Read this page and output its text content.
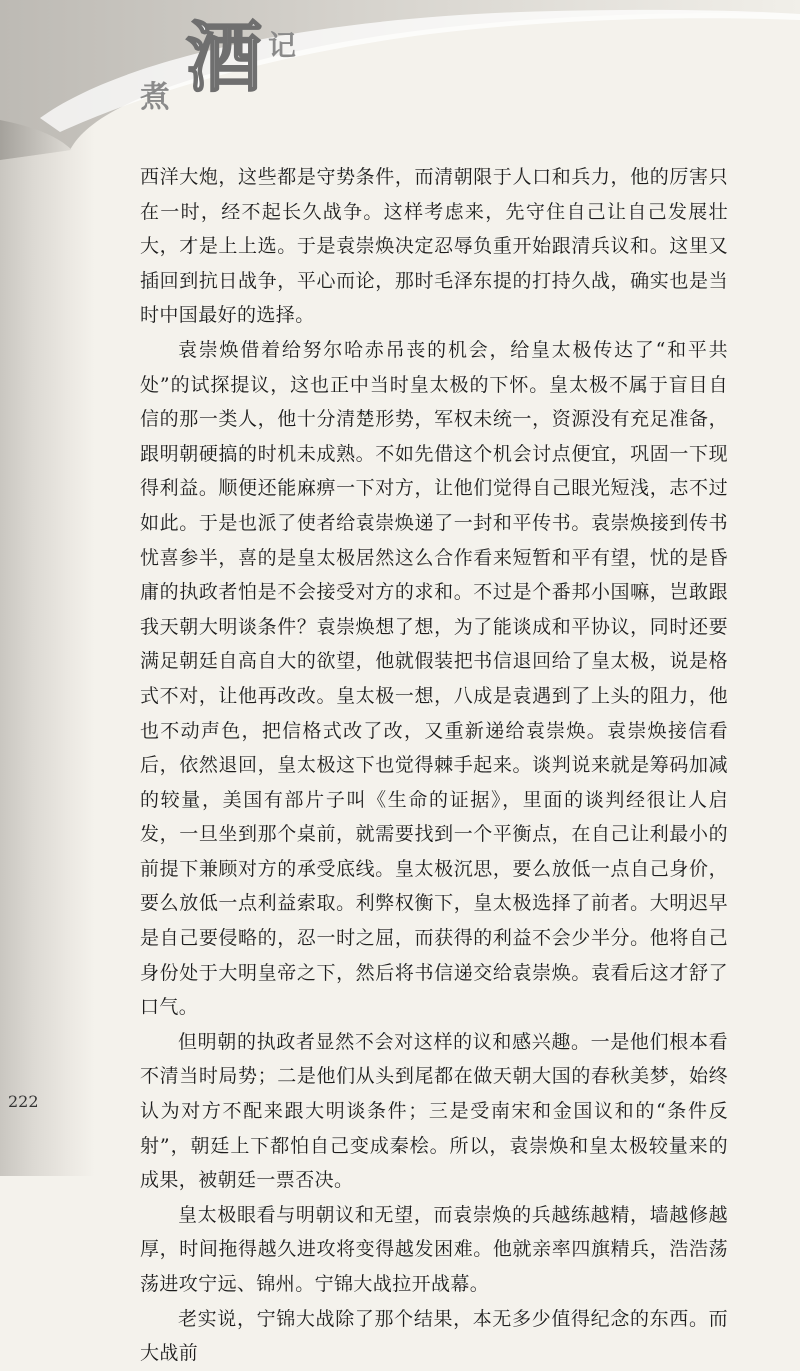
煮 酒 记

西洋大炮，这些都是守势条件，而清朝限于人口和兵力，他的厉害只在一时，经不起长久战争。这样考虑来，先守住自己让自己发展壮大，才是上上选。于是袁崇焕决定忍辱负重开始跟清兵议和。这里又插回到抗日战争，平心而论，那时毛泽东提的打持久战，确实也是当时中国最好的选择。

袁崇焕借着给努尔哈赤吊丧的机会，给皇太极传达了“和平共处”的试探提议，这也正中当时皇太极的下怀。皇太极不属于盲目自信的那一类人，他十分清楚形势，军权未统一，资源没有充足准备，跟明朝硬搞的时机未成熟。不如先借这个机会讨点便宜，巩固一下现得利益。顺便还能麻痹一下对方，让他们觉得自己眼光短浅，志不过如此。于是也派了使者给袁崇焕递了一封和平传书。袁崇焕接到传书忧喜参半，喜的是皇太极居然这么合作看来短暂和平有望，忧的是昏庸的执政者怕是不会接受对方的求和。不过是个番邦小国嘛，岂敢跟我天朝大明谈条件？袁崇焕想了想，为了能谈成和平协议，同时还要满足朝廷自高自大的欲望，他就假装把书信退回给了皇太极，说是格式不对，让他再改改。皇太极一想，八成是袁遇到了上头的阻力，他也不动声色，把信格式改了改，又重新递给袁崇焕。袁崇焕接信看后，依然退回，皇太极这下也觉得棘手起来。谈判说来就是筹码加减的较量，美国有部片子叫《生命的证据》，里面的谈判经很让人启发，一旦坐到那个桌前，就需要找到一个平衡点，在自己让利最小的前提下兼顾对方的承受底线。皇太极沉思，要么放低一点自己身价，要么放低一点利益索取。利弊权衡下，皇太极选择了前者。大明迟早是自己要侵略的，忍一时之屈，而获得的利益不会少半分。他将自己身份处于大明皇帝之下，然后将书信递交给袁崇焕。袁看后这才舒了口气。

但明朝的执政者显然不会对这样的议和感兴趣。一是他们根本看不清当时局势；二是他们从头到尾都在做天朝大国的春秋美梦，始终认为对方不配来跟大明谈条件；三是受南宋和金国议和的“条件反射”，朝廷上下都怕自己变成秦桧。所以，袁崇焕和皇太极较量来的成果，被朝廷一票否决。

皇太极眼看与明朝议和无望，而袁崇焕的兵越练越精，墙越修越厚，时间拖得越久进攻将变得越发困难。他就亲率四旗精兵，浩浩荡荡进攻宁远、锦州。宁锦大战拉开战幕。

老实说，宁锦大战除了那个结果，本无多少值得纪念的东西。而大战前

222
